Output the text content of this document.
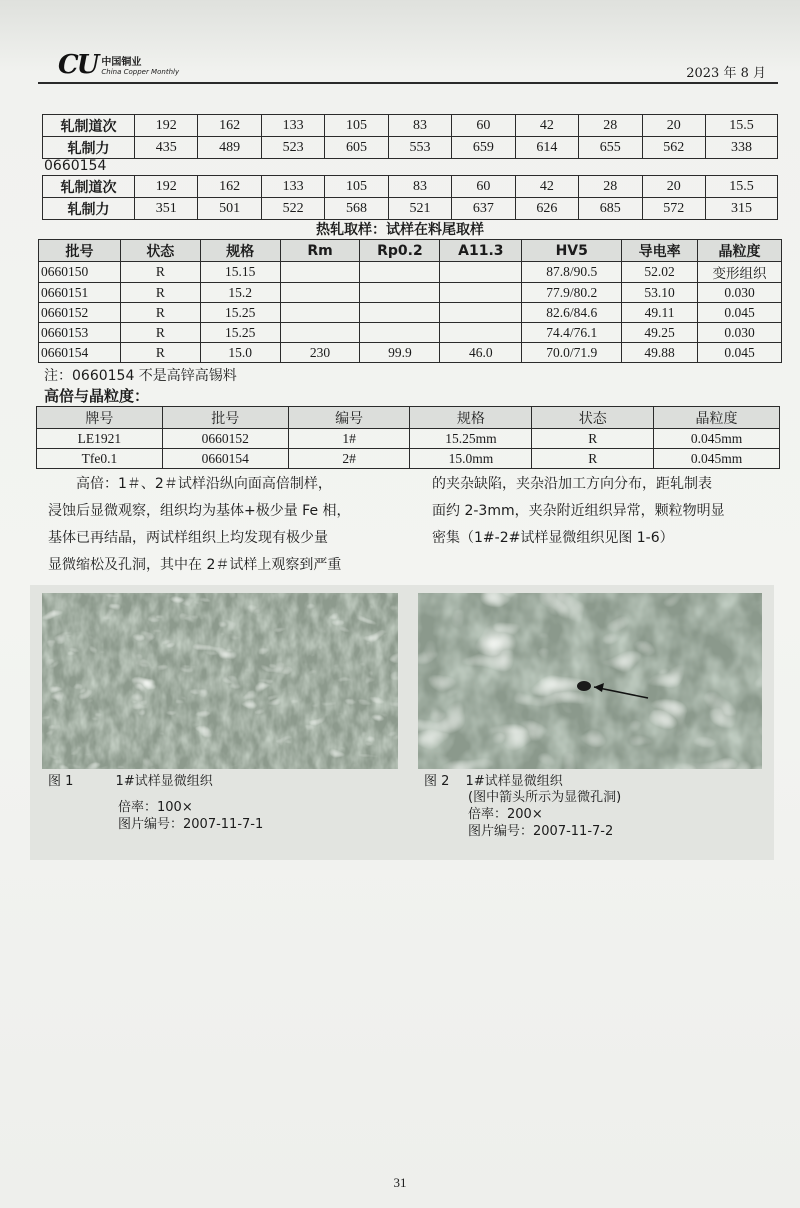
CU 中国铜业
China Copper Monthly	2023 年 8 月
轧制道次	192	162	133	105	83	60	42	28	20	15.5
轧制力	435	489	523	605	553	659	614	655	562	338
0660154
轧制道次	192	162	133	105	83	60	42	28	20	15.5
轧制力	351	501	522	568	521	637	626	685	572	315
热轧取样：试样在料尾取样
批号	状态	规格	Rm	Rp0.2	A11.3	HV5	导电率	晶粒度
0660150	R	15.15				87.8/90.5	52.02	变形组织
0660151	R	15.2				77.9/80.2	53.10	0.030
0660152	R	15.25				82.6/84.6	49.11	0.045
0660153	R	15.25				74.4/76.1	49.25	0.030
0660154	R	15.0	230	99.9	46.0	70.0/71.9	49.88	0.045
注：0660154 不是高锌高锡料
高倍与晶粒度：
牌号	批号	编号	规格	状态	晶粒度
LE1921	0660152	1#	15.25mm	R	0.045mm
Tfe0.1	0660154	2#	15.0mm	R	0.045mm
高倍：1＃、2＃试样沿纵向面高倍制样，
浸蚀后显微观察，组织均为基体+极少量 Fe 相，
基体已再结晶，两试样组织上均发现有极少量
显微缩松及孔洞，其中在 2＃试样上观察到严重
的夹杂缺陷，夹杂沿加工方向分布，距轧制表
面约 2-3mm，夹杂附近组织异常，颗粒物明显
密集（1#-2#试样显微组织见图 1-6）
图 1	1#试样显微组织
倍率：100×
图片编号：2007-11-7-1
图 2 1#试样显微组织
(图中箭头所示为显微孔洞)
倍率：200×
图片编号：2007-11-7-2
31
